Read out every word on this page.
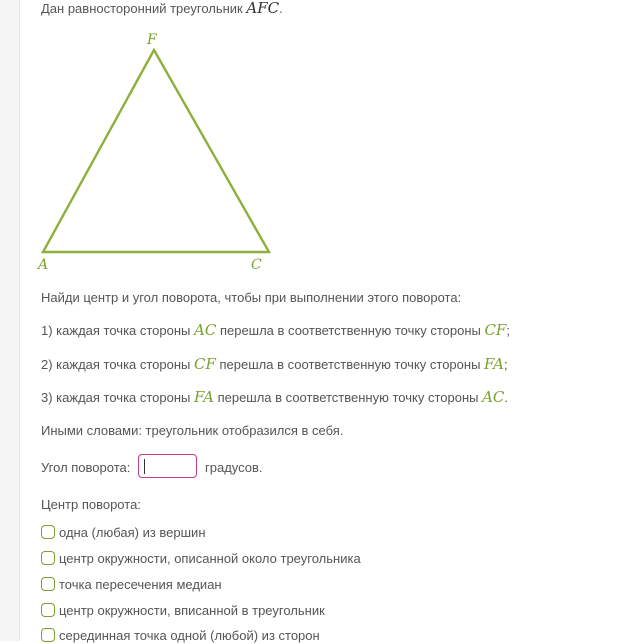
Дан равносторонний треугольник AFC.
F
A	C
Найди центр и угол поворота, чтобы при выполнении этого поворота:
1) каждая точка стороны AC перешла в соответственную точку стороны CF;
2) каждая точка стороны CF перешла в соответственную точку стороны FA;
3) каждая точка стороны FA перешла в соответственную точку стороны AC.
Иными словами: треугольник отобразился в себя.
Угол поворота:	градусов.
Центр поворота:
одна (любая) из вершин
центр окружности, описанной около треугольника
точка пересечения медиан
центр окружности, вписанной в треугольник
серединная точка одной (любой) из сторон
